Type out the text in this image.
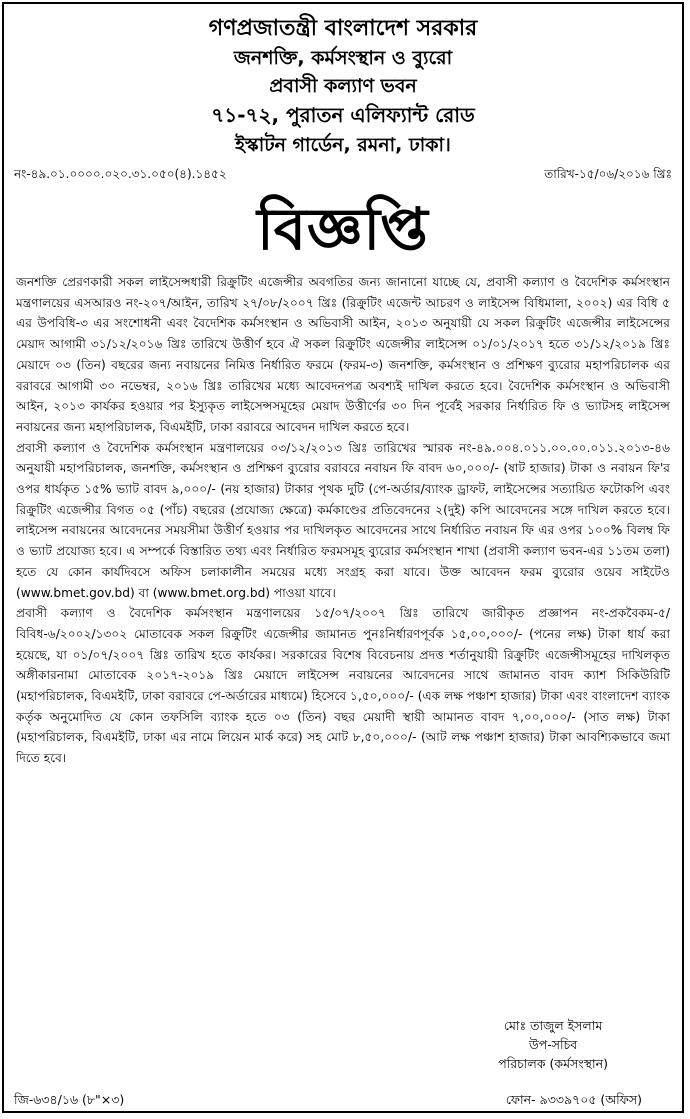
গণপ্রজাতন্ত্রী বাংলাদেশ সরকার
জনশক্তি, কর্মসংস্থান ও ব্যুরো
প্রবাসী কল্যাণ ভবন
৭১-৭২, পুরাতন এলিফ্যান্ট রোড
ইস্কাটন গার্ডেন, রমনা, ঢাকা।
নং-৪৯.০১.০০০০.০২০.৩১.০৫০(৪).১৪৫২	তারিখ-১৫/০৬/২০১৬ খ্রিঃ
বিজ্ঞপ্তি

জনশক্তি প্রেরণকারী সকল লাইসেন্সধারী রিক্রুটিং এজেন্সীর অবগতির জন্য জানানো যাচ্ছে যে, প্রবাসী কল্যাণ ও বৈদেশিক কর্মসংস্থান মন্ত্রণালয়ের এসআরও নং-২০৭/আইন, তারিখ ২৭/০৮/২০০৭ খ্রিঃ (রিক্রুটিং এজেন্ট আচরণ ও লাইসেন্স বিধিমালা, ২০০২) এর বিধি ৫ এর উপবিধি-৩ এর সংশোধনী এবং বৈদেশিক কর্মসংস্থান ও অভিবাসী আইন, ২০১৩ অনুযায়ী যে সকল রিক্রুটিং এজেন্সীর লাইসেন্সের মেয়াদ আগামী ৩১/১২/২০১৬ খ্রিঃ তারিখে উত্তীর্ণ হবে ঐ সকল রিক্রুটিং এজেন্সীর লাইসেন্স ০১/০১/২০১৭ হতে ৩১/১২/২০১৯ খ্রিঃ মেয়াদে ০৩ (তিন) বছরের জন্য নবায়নের নিমিত্ত নির্ধারিত ফরমে (ফরম-৩) জনশক্তি, কর্মসংস্থান ও প্রশিক্ষণ ব্যুরোর মহাপরিচালক এর বরাবরে আগামী ৩০ নভেম্বর, ২০১৬ খ্রিঃ তারিখের মধ্যে আবেদনপত্র অবশ্যই দাখিল করতে হবে। বৈদেশিক কর্মসংস্থান ও অভিবাসী আইন, ২০১৩ কার্যকর হওয়ার পর ইস্যুকৃত লাইসেন্সসমূহের মেয়াদ উত্তীর্ণের ৩০ দিন পূর্বেই সরকার নির্ধারিত ফি ও ভ্যাটসহ লাইসেন্স নবায়নের জন্য মহাপরিচালক, বিএমইটি, ঢাকা বরাবরে আবেদন দাখিল করতে হবে।

প্রবাসী কল্যাণ ও বৈদেশিক কর্মসংস্থান মন্ত্রণালয়ের ০৩/১২/২০১৩ খ্রিঃ তারিখের স্মারক নং-৪৯.০০৪.০১১.০০.০০.০১১.২০১৩-৪৬ অনুযায়ী মহাপরিচালক, জনশক্তি, কর্মসংস্থান ও প্রশিক্ষণ ব্যুরোর বরাবরে নবায়ন ফি বাবদ ৬০,০০০/- (ষাট হাজার) টাকা ও নবায়ন ফি'র ওপর ধার্যকৃত ১৫% ভ্যাট বাবদ ৯,০০০/- (নয় হাজার) টাকার পৃথক দুটি (পে-অর্ডার/ব্যাংক ড্রাফট, লাইসেন্সের সত্যায়িত ফটোকপি এবং রিক্রুটিং এজেন্সীর বিগত ০৫ (পাঁচ) বছরের (প্রযোজ্য ক্ষেত্রে) কর্মকাণ্ডের প্রতিবেদনের ২(দুই) কপি আবেদনের সঙ্গে দাখিল করতে হবে। লাইসেন্স নবায়নের আবেদনের সময়সীমা উত্তীর্ণ হওয়ার পর দাখিলকৃত আবেদনের সাথে নির্ধারিত নবায়ন ফি এর ওপর ১০০% বিলম্ব ফি ও ভ্যাট প্রযোজ্য হবে। এ সম্পর্কে বিস্তারিত তথ্য এবং নির্ধারিত ফরমসমূহ ব্যুরোর কর্মসংস্থান শাখা (প্রবাসী কল্যাণ ভবন-এর ১১তম তলা) হতে যে কোন কার্যদিবসে অফিস চলাকালীন সময়ের মধ্যে সংগ্রহ করা যাবে। উক্ত আবেদন ফরম ব্যুরোর ওয়েব সাইটেও (www.bmet.gov.bd) বা (www.bmet.org.bd) পাওয়া যাবে।

প্রবাসী কল্যাণ ও বৈদেশিক কর্মসংস্থান মন্ত্রণালয়ের ১৫/০৭/২০০৭ খ্রিঃ তারিখে জারীকৃত প্রজ্ঞাপন নং-প্রকবৈকম-৫/বিবিধ-৬/২০০২/১৩০২ মোতাবেক সকল রিক্রুটিং এজেন্সীর জামানত পুনঃনির্ধারণপূর্বক ১৫,০০,০০০/- (পনের লক্ষ) টাকা ধার্য করা হয়েছে, যা ০১/০৭/২০০৭ খ্রিঃ তারিখ হতে কার্যকর। সরকারের বিশেষ বিবেচনায় প্রদত্ত শর্তানুযায়ী রিক্রুটিং এজেন্সীসমূহের দাখিলকৃত অঙ্গীকারনামা মোতাবেক ২০১৭-২০১৯ খ্রিঃ মেয়াদে লাইসেন্স নবায়নের আবেদনের সাথে জামানত বাবদ ক্যাশ সিকিউরিটি (মহাপরিচালক, বিএমইটি, ঢাকা বরাবরে পে-অর্ডারের মাধ্যমে) হিসেবে ১,৫০,০০০/- (এক লক্ষ পঞ্চাশ হাজার) টাকা এবং বাংলাদেশ ব্যাংক কর্তৃক অনুমোদিত যে কোন তফসিলি ব্যাংক হতে ০৩ (তিন) বছর মেয়াদী স্থায়ী আমানত বাবদ ৭,০০,০০০/- (সাত লক্ষ) টাকা (মহাপরিচালক, বিএমইটি, ঢাকা এর নামে লিয়েন মার্ক করে) সহ মোট ৮,৫০,০০০/- (আট লক্ষ পঞ্চাশ হাজার) টাকা আবশ্যিকভাবে জমা দিতে হবে।

মোঃ তাজুল ইসলাম
উপ-সচিব
পরিচালক (কর্মসংস্থান)
জি-৬৩৪/১৬ (৮"×৩)	ফোন- ৯৩৩৯৭০৫ (অফিস)
